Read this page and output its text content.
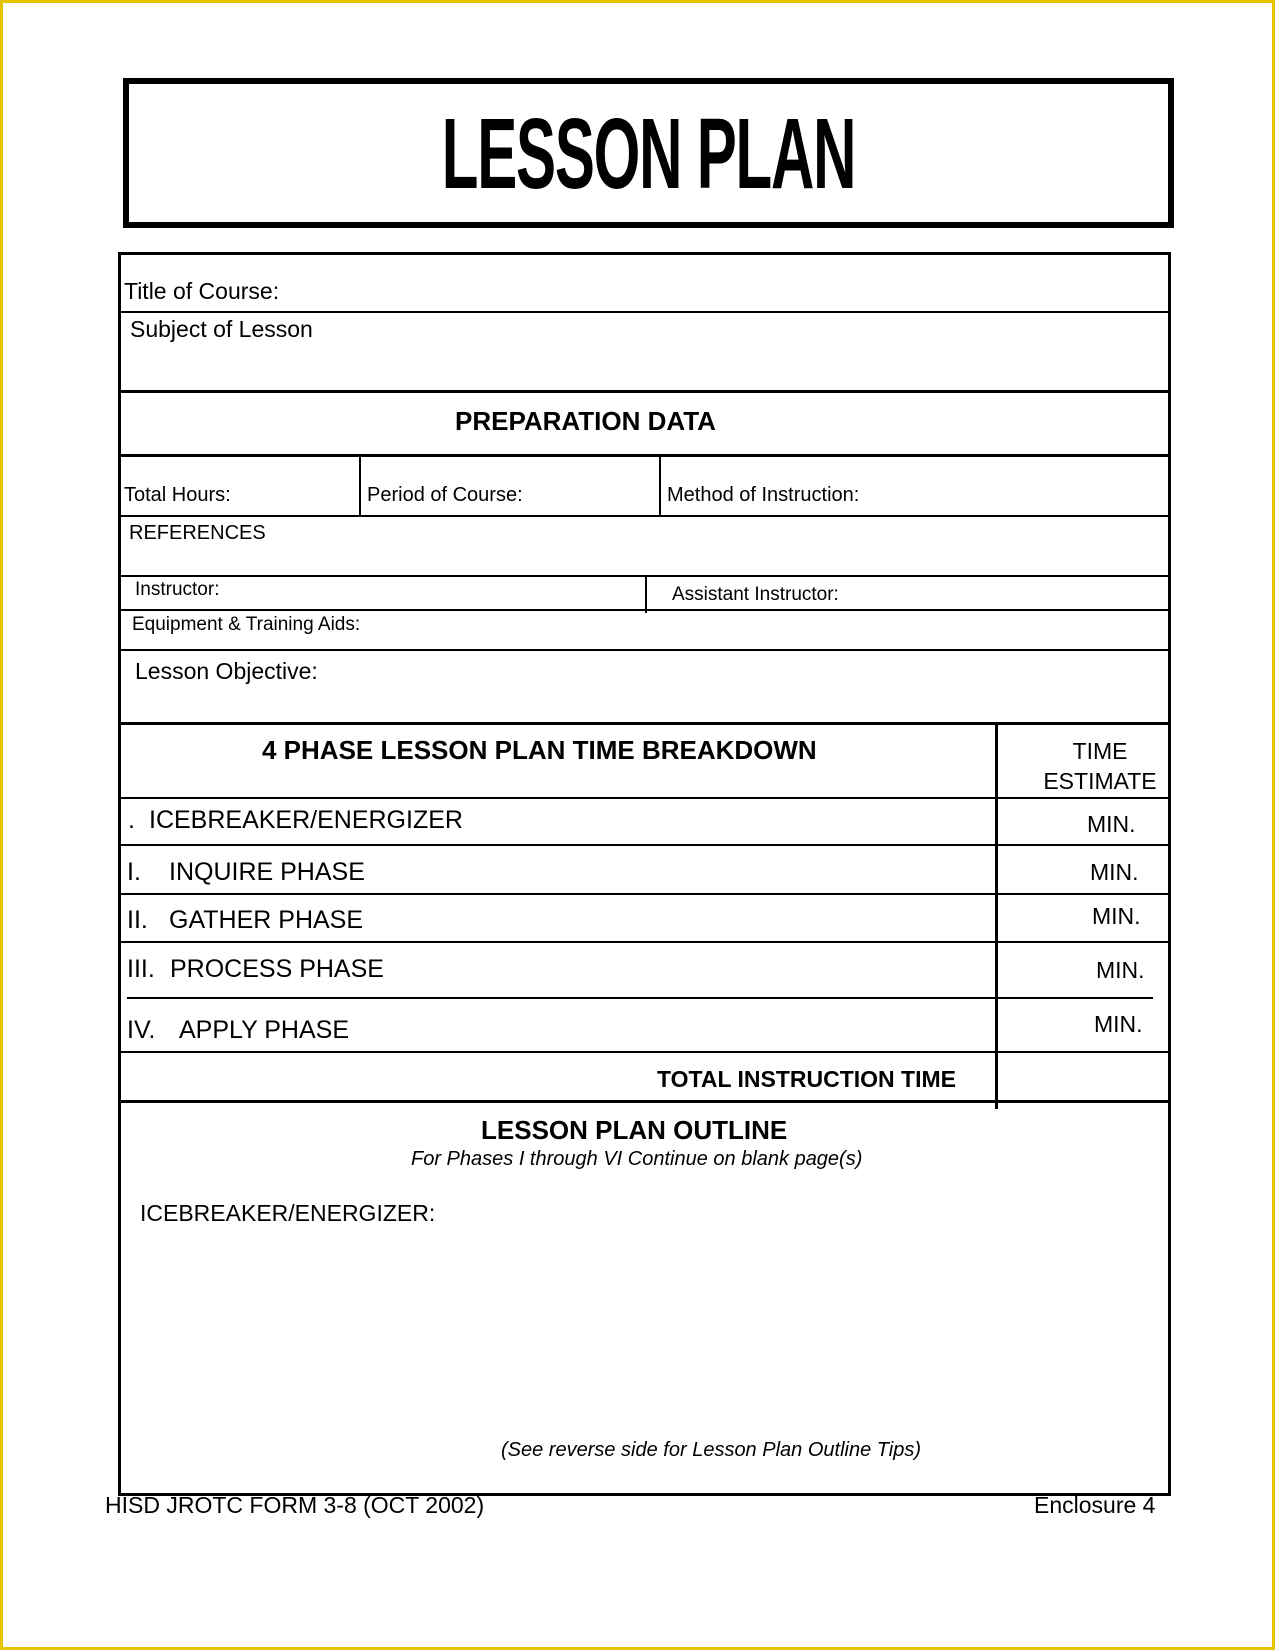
LESSON PLAN
Title of Course:
Subject of Lesson
PREPARATION DATA
Total Hours:	Period of Course:	Method of Instruction:
REFERENCES
Instructor:	Assistant Instructor:
Equipment & Training Aids:
Lesson Objective:
4 PHASE LESSON PLAN TIME BREAKDOWN	TIME
ESTIMATE
. ICEBREAKER/ENERGIZER	MIN.
I. INQUIRE PHASE	MIN.
II. GATHER PHASE	MIN.
III. PROCESS PHASE	MIN.
IV. APPLY PHASE	MIN.
TOTAL INSTRUCTION TIME
LESSON PLAN OUTLINE
For Phases I through VI Continue on blank page(s)
ICEBREAKER/ENERGIZER:
(See reverse side for Lesson Plan Outline Tips)
HISD JROTC FORM 3-8 (OCT 2002)	Enclosure 4
